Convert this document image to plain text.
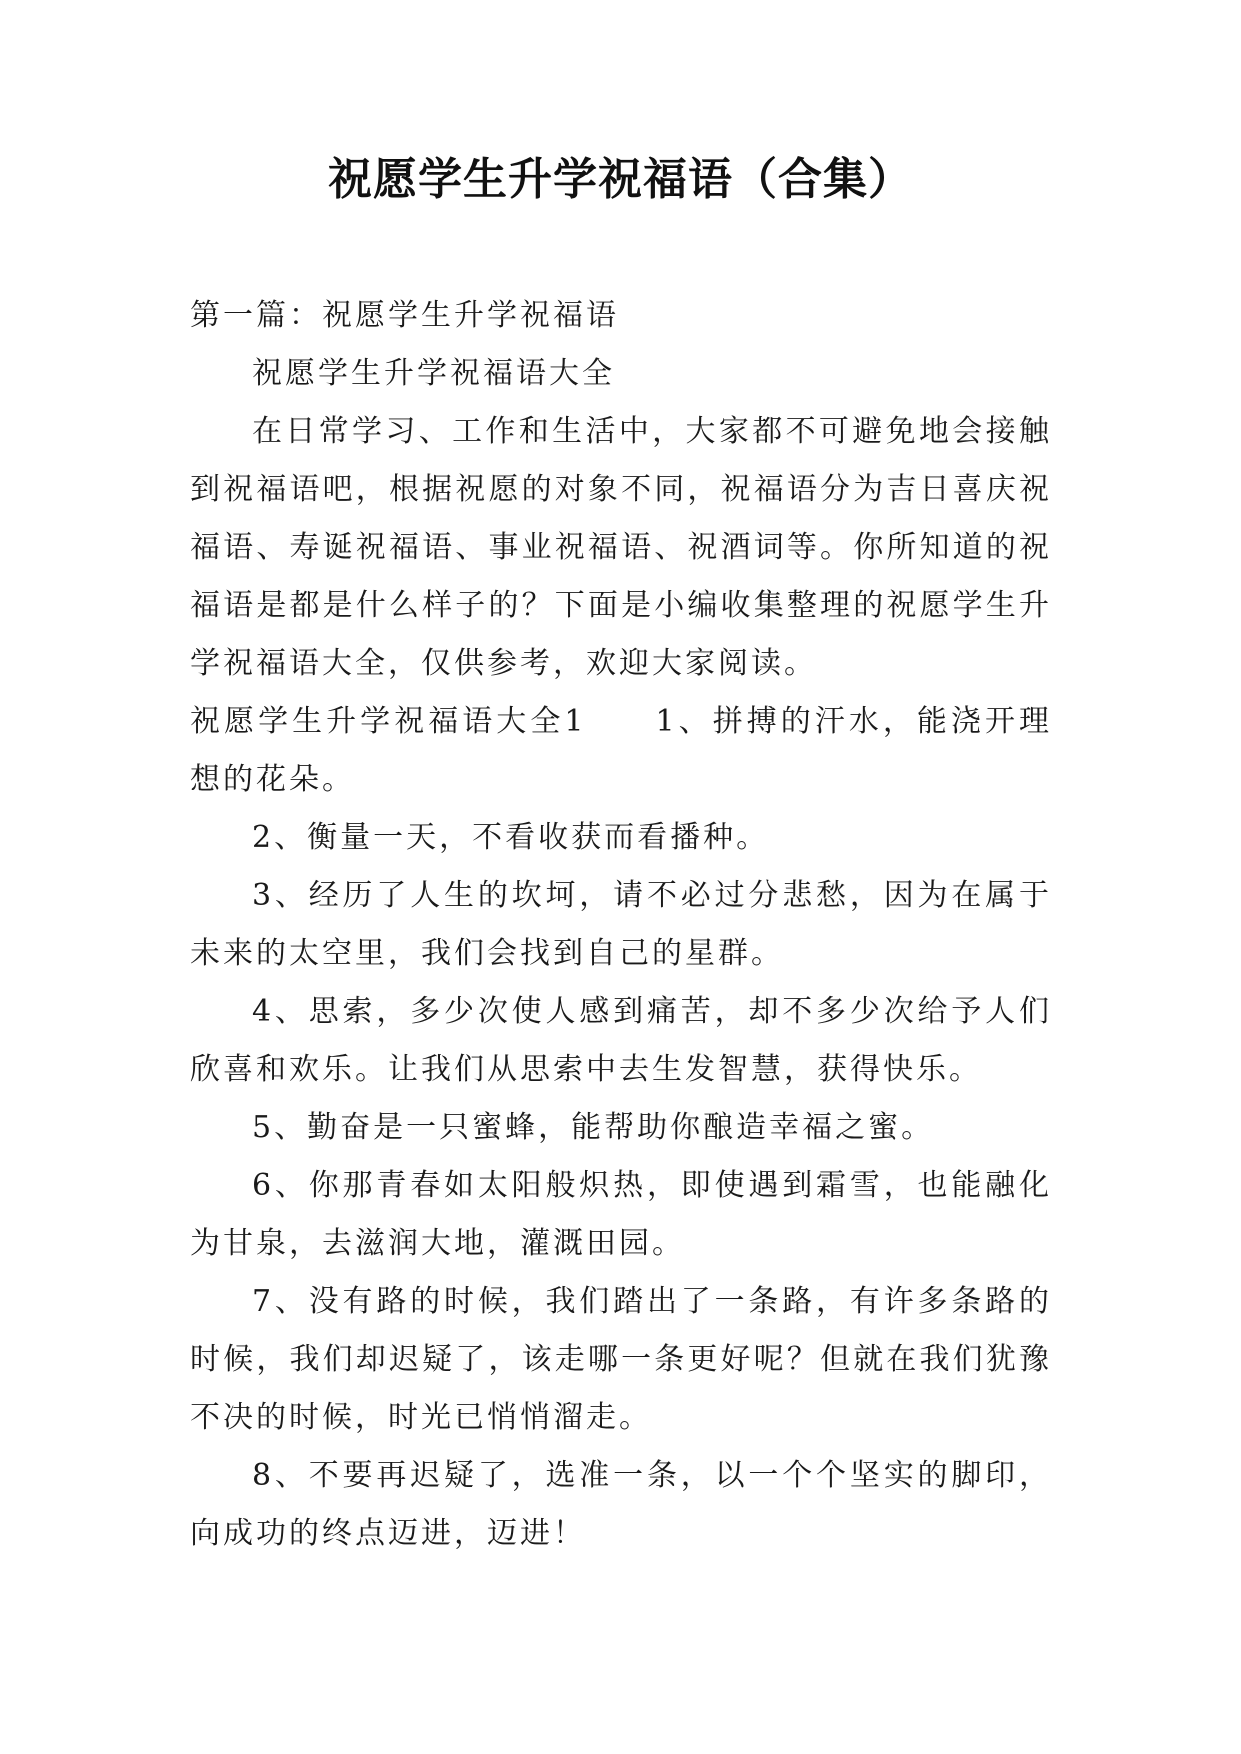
祝愿学生升学祝福语（合集）

第一篇：祝愿学生升学祝福语

祝愿学生升学祝福语大全

在日常学习、工作和生活中，大家都不可避免地会接触到祝福语吧，根据祝愿的对象不同，祝福语分为吉日喜庆祝福语、寿诞祝福语、事业祝福语、祝酒词等。你所知道的祝福语是都是什么样子的？下面是小编收集整理的祝愿学生升学祝福语大全，仅供参考，欢迎大家阅读。

祝愿学生升学祝福语大全1　　1、拼搏的汗水，能浇开理想的花朵。

2、衡量一天，不看收获而看播种。

3、经历了人生的坎坷，请不必过分悲愁，因为在属于未来的太空里，我们会找到自己的星群。

4、思索，多少次使人感到痛苦，却不多少次给予人们欣喜和欢乐。让我们从思索中去生发智慧，获得快乐。

5、勤奋是一只蜜蜂，能帮助你酿造幸福之蜜。

6、你那青春如太阳般炽热，即使遇到霜雪，也能融化为甘泉，去滋润大地，灌溉田园。

7、没有路的时候，我们踏出了一条路，有许多条路的时候，我们却迟疑了，该走哪一条更好呢？但就在我们犹豫不决的时候，时光已悄悄溜走。

8、不要再迟疑了，选准一条，以一个个坚实的脚印，向成功的终点迈进，迈进！
